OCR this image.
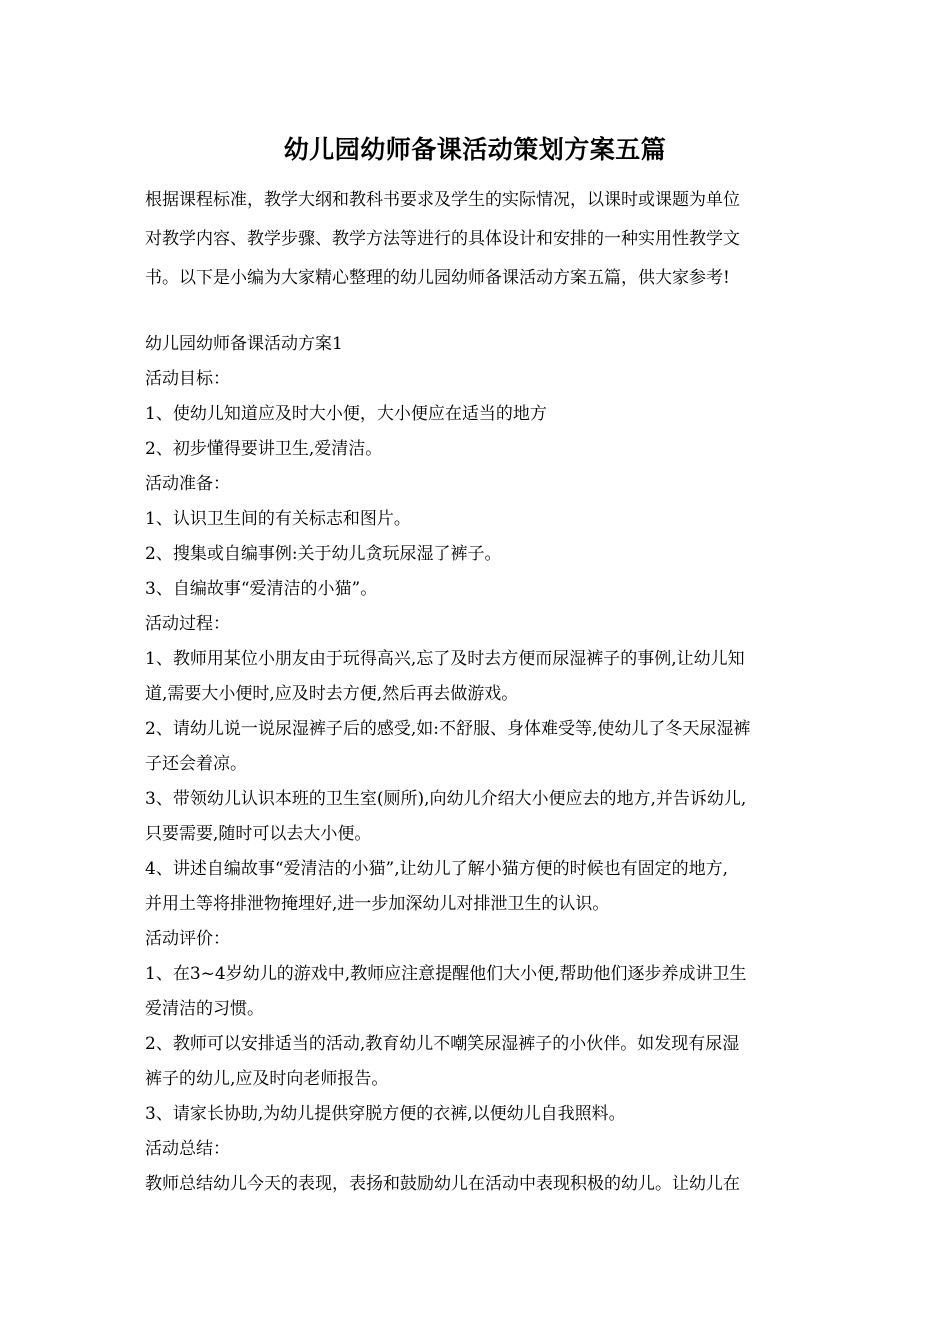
幼儿园幼师备课活动策划方案五篇
根据课程标准，教学大纲和教科书要求及学生的实际情况，以课时或课题为单位
对教学内容、教学步骤、教学方法等进行的具体设计和安排的一种实用性教学文
书。以下是小编为大家精心整理的幼儿园幼师备课活动方案五篇，供大家参考!
幼儿园幼师备课活动方案1
活动目标：
1、使幼儿知道应及时大小便，大小便应在适当的地方
2、初步懂得要讲卫生,爱清洁。
活动准备：
1、认识卫生间的有关标志和图片。
2、搜集或自编事例:关于幼儿贪玩尿湿了裤子。
3、自编故事“爱清洁的小猫”。
活动过程：
1、教师用某位小朋友由于玩得高兴,忘了及时去方便而尿湿裤子的事例,让幼儿知
道,需要大小便时,应及时去方便,然后再去做游戏。
2、请幼儿说一说尿湿裤子后的感受,如:不舒服、身体难受等,使幼儿了冬天尿湿裤
子还会着凉。
3、带领幼儿认识本班的卫生室(厕所),向幼儿介绍大小便应去的地方,并告诉幼儿,
只要需要,随时可以去大小便。
4、讲述自编故事“爱清洁的小猫”,让幼儿了解小猫方便的时候也有固定的地方,
并用土等将排泄物掩埋好,进一步加深幼儿对排泄卫生的认识。
活动评价：
1、在3~4岁幼儿的游戏中,教师应注意提醒他们大小便,帮助他们逐步养成讲卫生
爱清洁的习惯。
2、教师可以安排适当的活动,教育幼儿不嘲笑尿湿裤子的小伙伴。如发现有尿湿
裤子的幼儿,应及时向老师报告。
3、请家长协助,为幼儿提供穿脱方便的衣裤,以便幼儿自我照料。
活动总结：
教师总结幼儿今天的表现，表扬和鼓励幼儿在活动中表现积极的幼儿。让幼儿在
